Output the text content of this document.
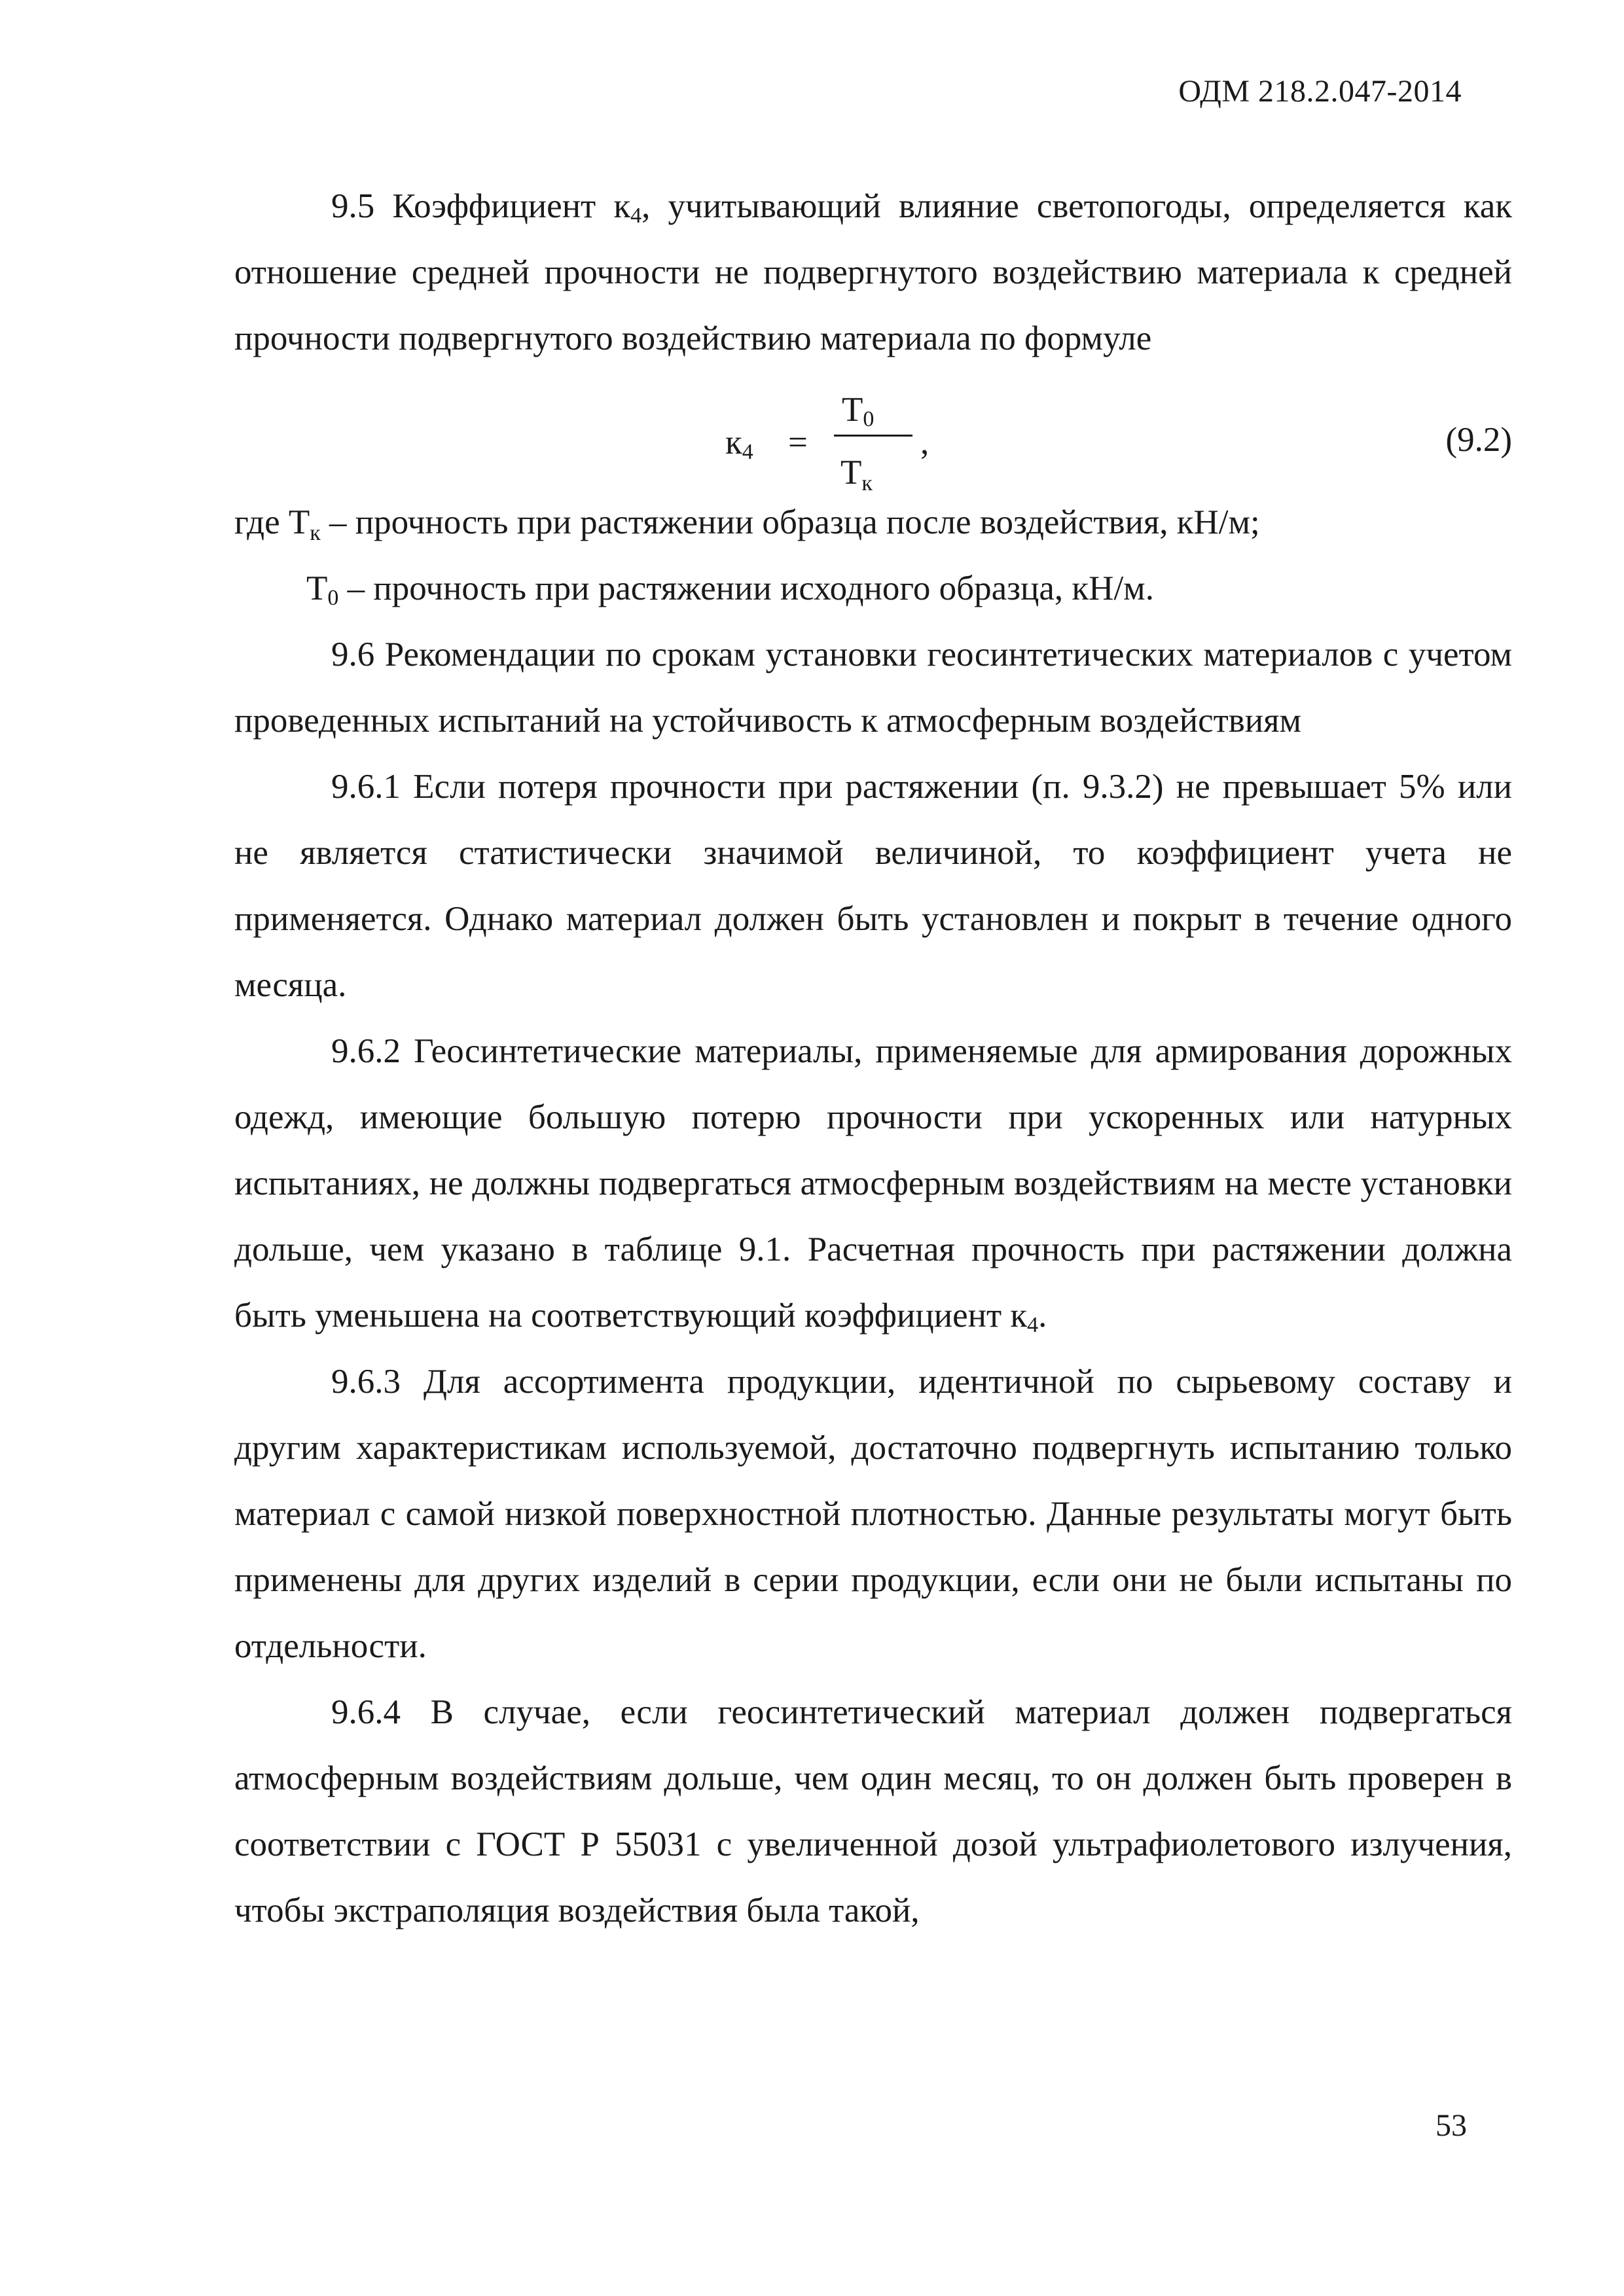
ОДМ 218.2.047-2014

9.5 Коэффициент $к_4$, учитывающий влияние светопогоды, определяется как отношение средней прочности не подвергнутого воздействию материала к средней прочности подвергнутого воздействию материала по формуле

$к_4$ =
$Т_0$
Тк
,	(9.2)

где Тк – прочность при растяжении образца после воздействия, кН/м;

$Т_0$ – прочность при растяжении исходного образца, кН/м.

9.6 Рекомендации по срокам установки геосинтетических материалов с учетом проведенных испытаний на устойчивость к атмосферным воздействиям

9.6.1 Если потеря прочности при растяжении (п. 9.3.2) не превышает 5% или не является статистически значимой величиной, то коэффициент учета не применяется. Однако материал должен быть установлен и покрыт в течение одного месяца.

9.6.2 Геосинтетические материалы, применяемые для армирования дорожных одежд, имеющие большую потерю прочности при ускоренных или натурных испытаниях, не должны подвергаться атмосферным воздействиям на месте установки дольше, чем указано в таблице 9.1. Расчетная прочность при растяжении должна быть уменьшена на соответствующий коэффициент $к_4$.

9.6.3 Для ассортимента продукции, идентичной по сырьевому составу и другим характеристикам используемой, достаточно подвергнуть испытанию только материал с самой низкой поверхностной плотностью. Данные результаты могут быть применены для других изделий в серии продукции, если они не были испытаны по отдельности.

9.6.4 В случае, если геосинтетический материал должен подвергаться атмосферным воздействиям дольше, чем один месяц, то он должен быть проверен в соответствии с ГОСТ Р 55031 с увеличенной дозой ультрафиолетового излучения, чтобы экстраполяция воздействия была такой,

53
